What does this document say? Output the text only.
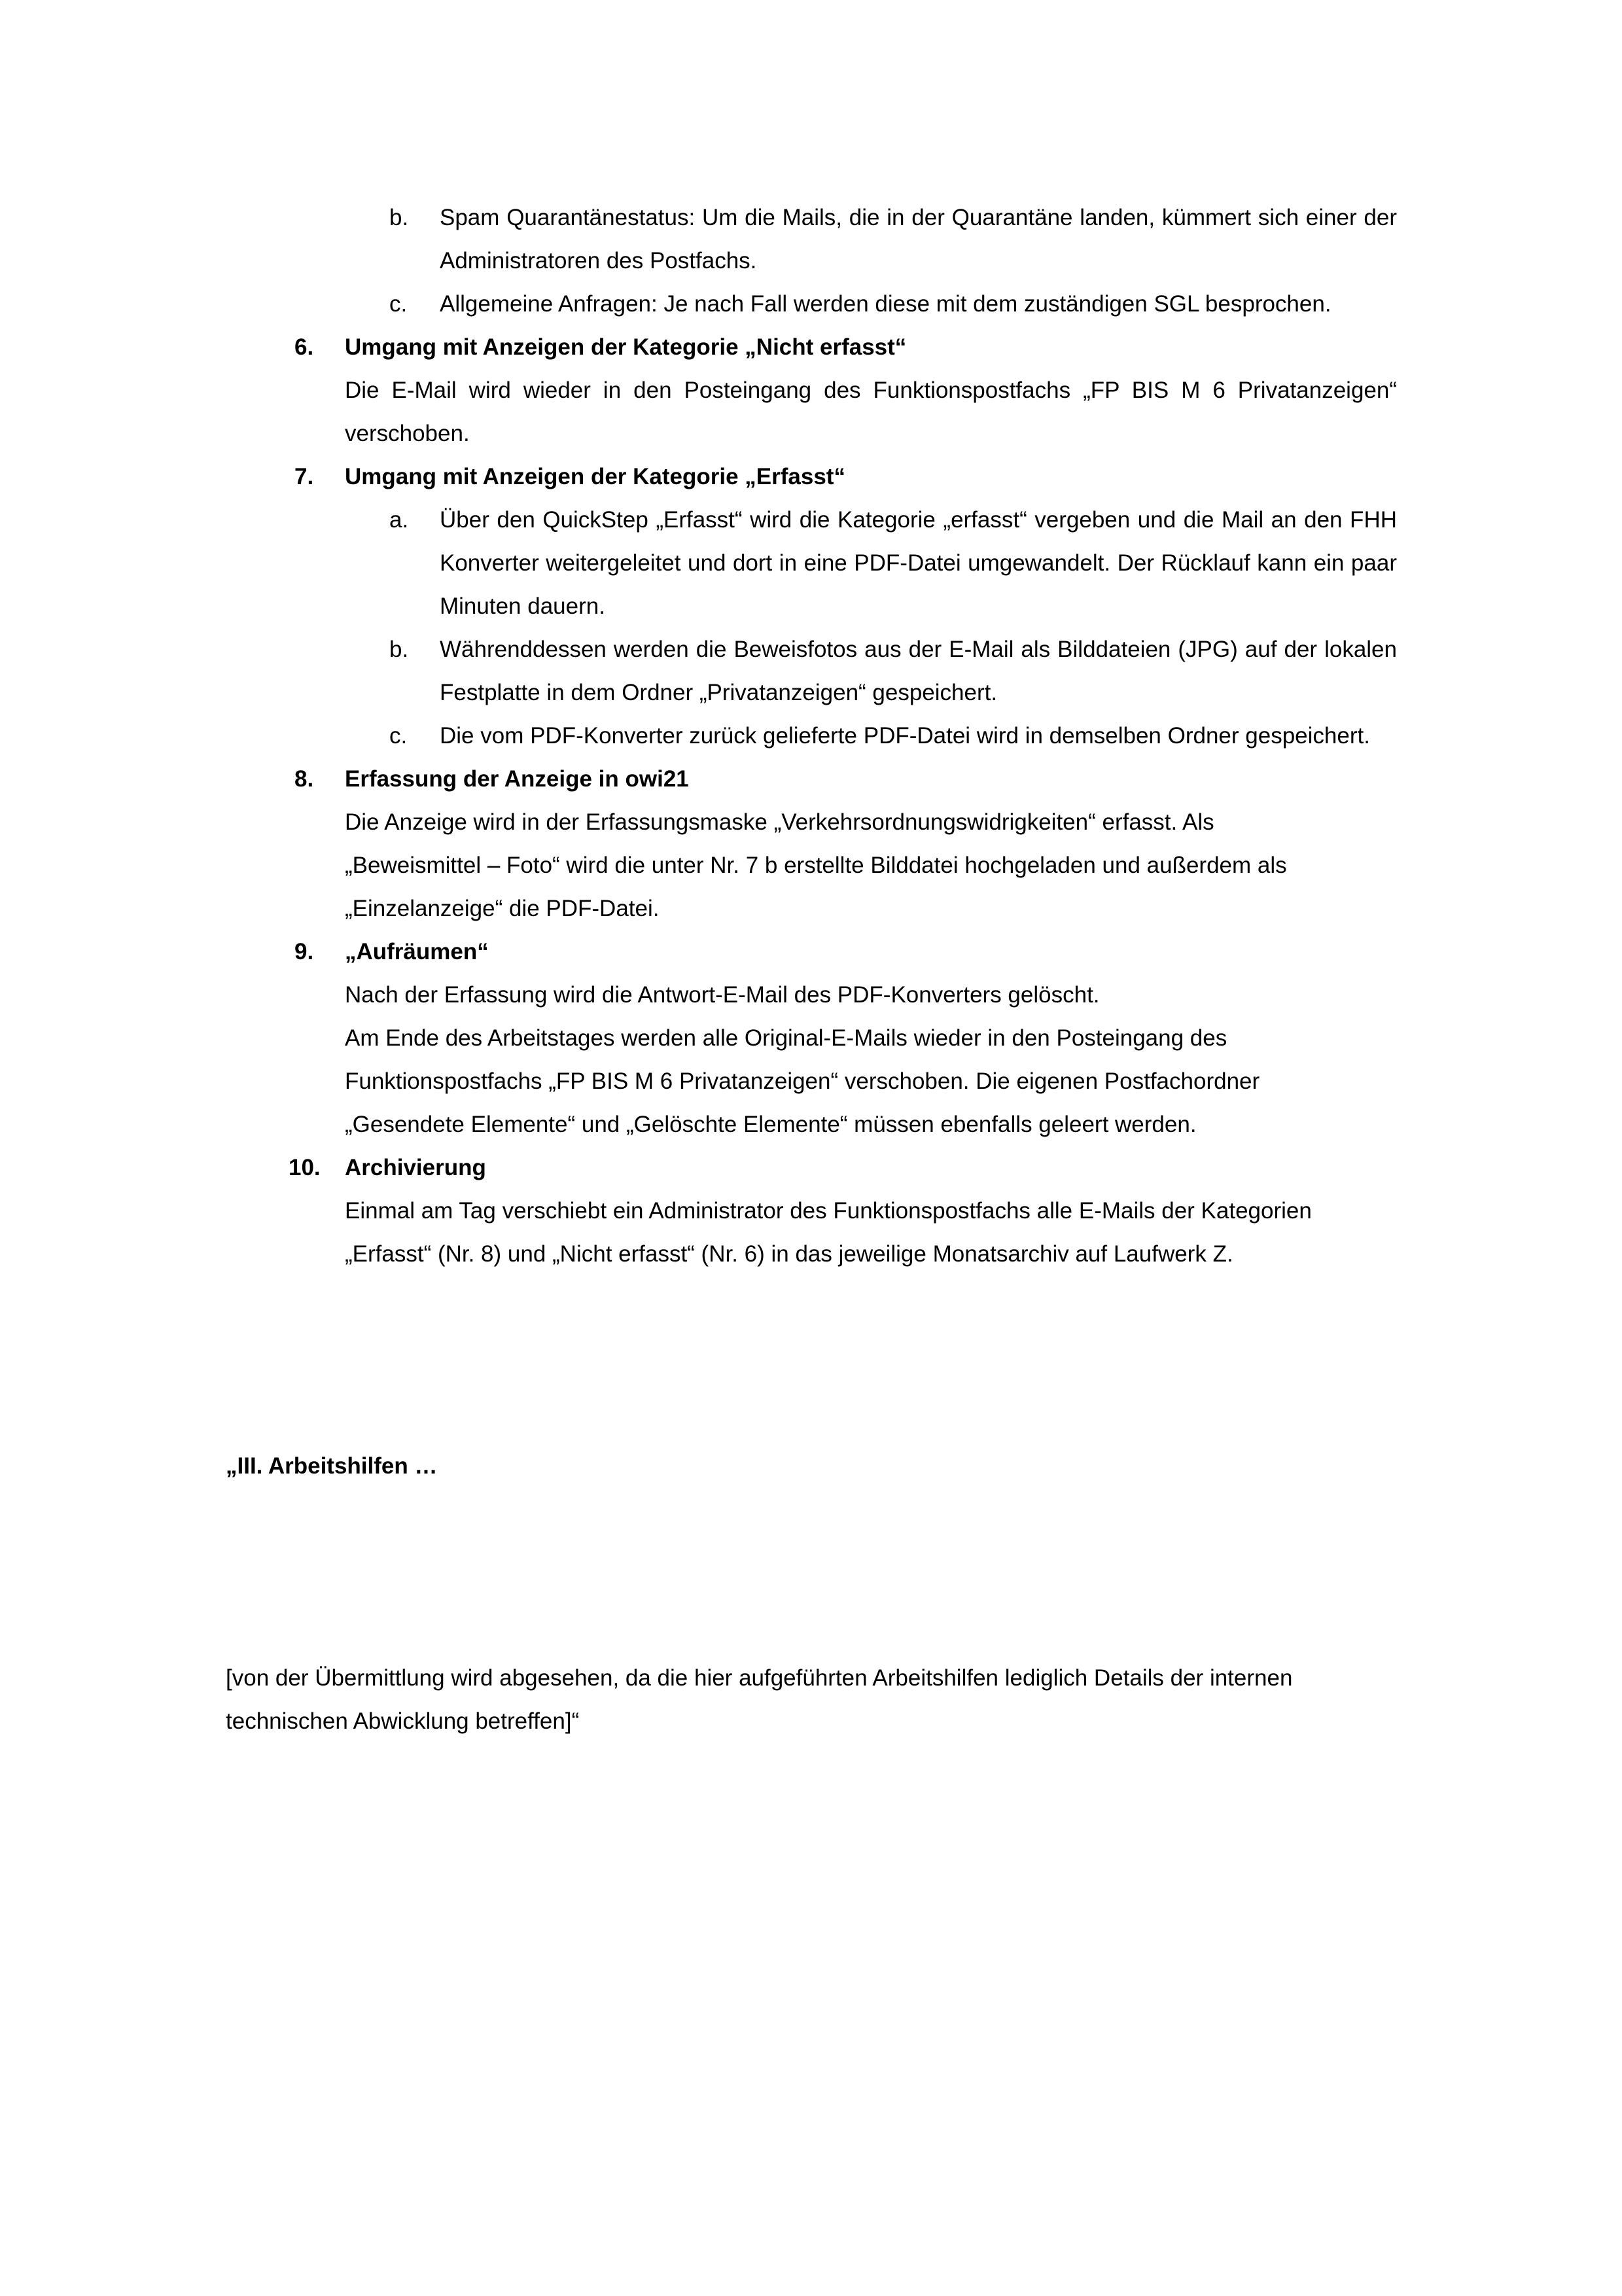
b.	Spam Quarantänestatus: Um die Mails, die in der Quarantäne landen, kümmert sich einer der Administratoren des Postfachs.
c.	Allgemeine Anfragen: Je nach Fall werden diese mit dem zuständigen SGL besprochen.
6.	Umgang mit Anzeigen der Kategorie „Nicht erfasst“
Die E-Mail wird wieder in den Posteingang des Funktionspostfachs „FP BIS M 6 Privatanzeigen“ verschoben.
7.	Umgang mit Anzeigen der Kategorie „Erfasst“
a.	Über den QuickStep „Erfasst“ wird die Kategorie „erfasst“ vergeben und die Mail an den FHH Konverter weitergeleitet und dort in eine PDF-Datei umgewandelt. Der Rücklauf kann ein paar Minuten dauern.
b.	Währenddessen werden die Beweisfotos aus der E-Mail als Bilddateien (JPG) auf der lokalen Festplatte in dem Ordner „Privatanzeigen“ gespeichert.
c.	Die vom PDF-Konverter zurück gelieferte PDF-Datei wird in demselben Ordner gespeichert.
8.	Erfassung der Anzeige in owi21
Die Anzeige wird in der Erfassungsmaske „Verkehrsordnungswidrigkeiten“ erfasst. Als
„Beweismittel – Foto“ wird die unter Nr. 7 b erstellte Bilddatei hochgeladen und außerdem als
„Einzelanzeige“ die PDF-Datei.
9.	„Aufräumen“
Nach der Erfassung wird die Antwort-E-Mail des PDF-Konverters gelöscht.
Am Ende des Arbeitstages werden alle Original-E-Mails wieder in den Posteingang des
Funktionspostfachs „FP BIS M 6 Privatanzeigen“ verschoben. Die eigenen Postfachordner
„Gesendete Elemente“ und „Gelöschte Elemente“ müssen ebenfalls geleert werden.
10.	Archivierung
Einmal am Tag verschiebt ein Administrator des Funktionspostfachs alle E-Mails der Kategorien
„Erfasst“ (Nr. 8) und „Nicht erfasst“ (Nr. 6) in das jeweilige Monatsarchiv auf Laufwerk Z.
„III. Arbeitshilfen …
[von der Übermittlung wird abgesehen, da die hier aufgeführten Arbeitshilfen lediglich Details der internen technischen Abwicklung betreffen]“
